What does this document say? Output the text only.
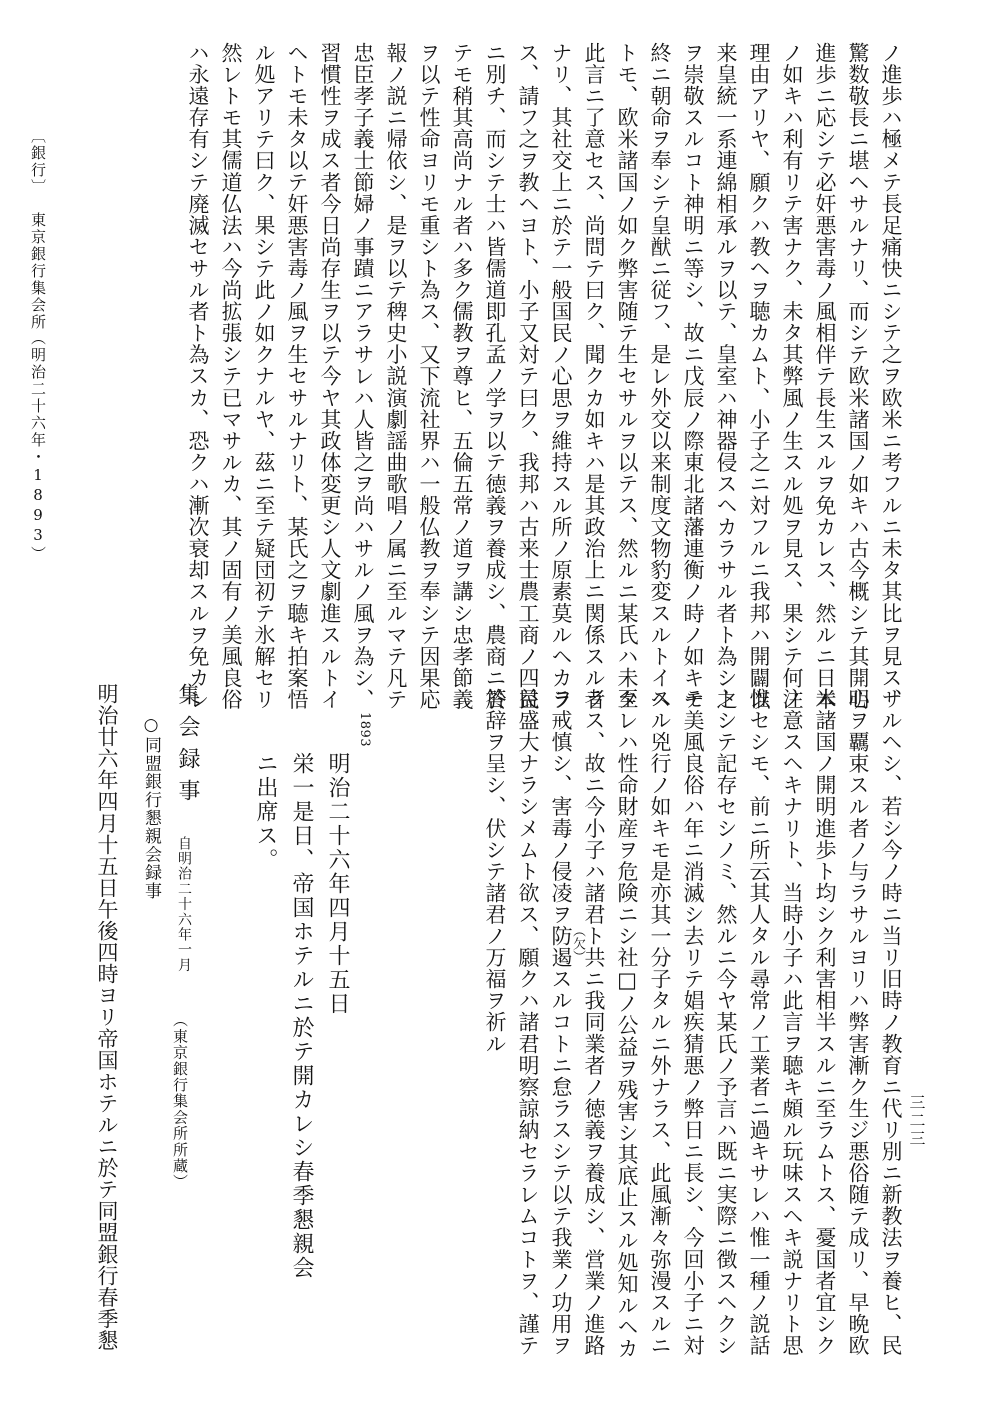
〔銀行〕
東京銀行集会所
（明治二十六年・1893）	ノ進歩ハ極メテ長足痛快ニシテ之ヲ欧米ニ考フルニ未タ其比ヲ見ス、
驚数敬長ニ堪ヘサルナリ、而シテ欧米諸国ノ如キハ古今概シテ其開明
進歩ニ応シテ必奸悪害毒ノ風相伴テ長生スルヲ免カレス、然ルニ日本
ノ如キハ利有リテ害ナク、未タ其弊風ノ生スル処ヲ見ス、果シテ何ノ
理由アリヤ、願クハ教ヘヲ聴カムト、小子之ニ対フルニ我邦ハ開闢以
来皇統一系連綿相承ルヲ以テ、皇室ハ神器侵スヘカラサル者ト為シ之
ヲ崇敬スルコト神明ニ等シ、故ニ戊辰ノ際東北諸藩連衡ノ時ノ如キモ
終ニ朝命ヲ奉シテ皇猷ニ従フ、是レ外交以来制度文物豹変スルトイヘ
トモ、欧米諸国ノ如ク弊害随テ生セサルヲ以テス、然ルニ某氏ハ未タ
此言ニ了意セス、尚問テ曰ク、聞クカ如キハ是其政治上ニ関係スル者
ナリ、其社交上ニ於テ一般国民ノ心思ヲ維持スル所ノ原素莫ルヘカラ
ス、請フ之ヲ教ヘヨト、小子又対テ曰ク、我邦ハ古来士農工商ノ四民
ニ別チ、而シテ士ハ皆儒道即孔孟ノ学ヲ以テ徳義ヲ養成シ、農商ニ於
テモ稍其高尚ナル者ハ多ク儒教ヲ尊ヒ、五倫五常ノ道ヲ講シ忠孝節義
ヲ以テ性命ヨリモ重シト為ス、又下流社界ハ一般仏教ヲ奉シテ因果応
報ノ説ニ帰依シ、是ヲ以テ稗史小説演劇謡曲歌唱ノ属ニ至ルマテ凡テ
忠臣孝子義士節婦ノ事蹟ニアラサレハ人皆之ヲ尚ハサルノ風ヲ為シ、
習慣性ヲ成ス者今日尚存生ヲ以テ今ヤ其政体変更シ人文劇進スルトイ
ヘトモ未タ以テ奸悪害毒ノ風ヲ生セサルナリト、某氏之ヲ聴キ拍案悟
ル処アリテ曰ク、果シテ此ノ如クナルヤ、茲ニ至テ疑団初テ氷解セリ
然レトモ其儒道仏法ハ今尚拡張シテ已マサルカ、其ノ固有ノ美風良俗
ハ永遠存有シテ廃滅セサル者ト為スカ、恐クハ漸次衰却スルヲ免カレ
サルヘシ、若シ今ノ時ニ当リ旧時ノ教育ニ代リ別ニ新教法ヲ養ヒ、民
心ヲ覊束スル者ノ与ラサルヨリハ弊害漸ク生ジ悪俗随テ成リ、早晩欧
米諸国ノ開明進歩ト均シク利害相半スルニ至ラムトス、憂国者宜シク
注意スヘキナリト、当時小子ハ此言ヲ聴キ頗ル玩味スヘキ説ナリト思
惟セシモ、前ニ所云其人タル尋常ノ工業者ニ過キサレハ惟一種ノ説話
トシテ記存セシノミ、然ルニ今ヤ某氏ノ予言ハ既ニ実際ニ徴スヘクシ
テ美風良俗ハ年ニ消滅シ去リテ娼疾猜悪ノ弊日ニ長シ、今回小子ニ対
スル兇行ノ如キモ是亦其一分子タルニ外ナラス、此風漸々弥漫スルニ
至レハ性命財産ヲ危険ニシ社□ノ公益ヲ残害シ其底止スル処知ルヘカ
ラス、故ニ今小子ハ諸君ト共ニ我同業者ノ徳義ヲ養成シ、営業ノ進路
ヲ戒慎シ、害毒ノ侵凌ヲ防遏スルコトニ怠ラスシテ以テ我業ノ功用ヲ
益盛大ナラシメムト欲ス、願クハ諸君明察諒納セラレムコトヲ、謹テ
答辞ヲ呈シ、伏シテ諸君ノ万福ヲ祈ル	（欠）
（東京銀行集会所所蔵）
1893
明治二十六年四月十五日
栄一是日、帝国ホテルニ於テ開カレシ春季懇親会
ニ出席ス。
集会録事
自明治二十六年一月
○同盟銀行懇親会録事
明治廿六年四月十五日午後四時ヨリ帝国ホテルニ於テ同盟銀行春季懇	三二三
